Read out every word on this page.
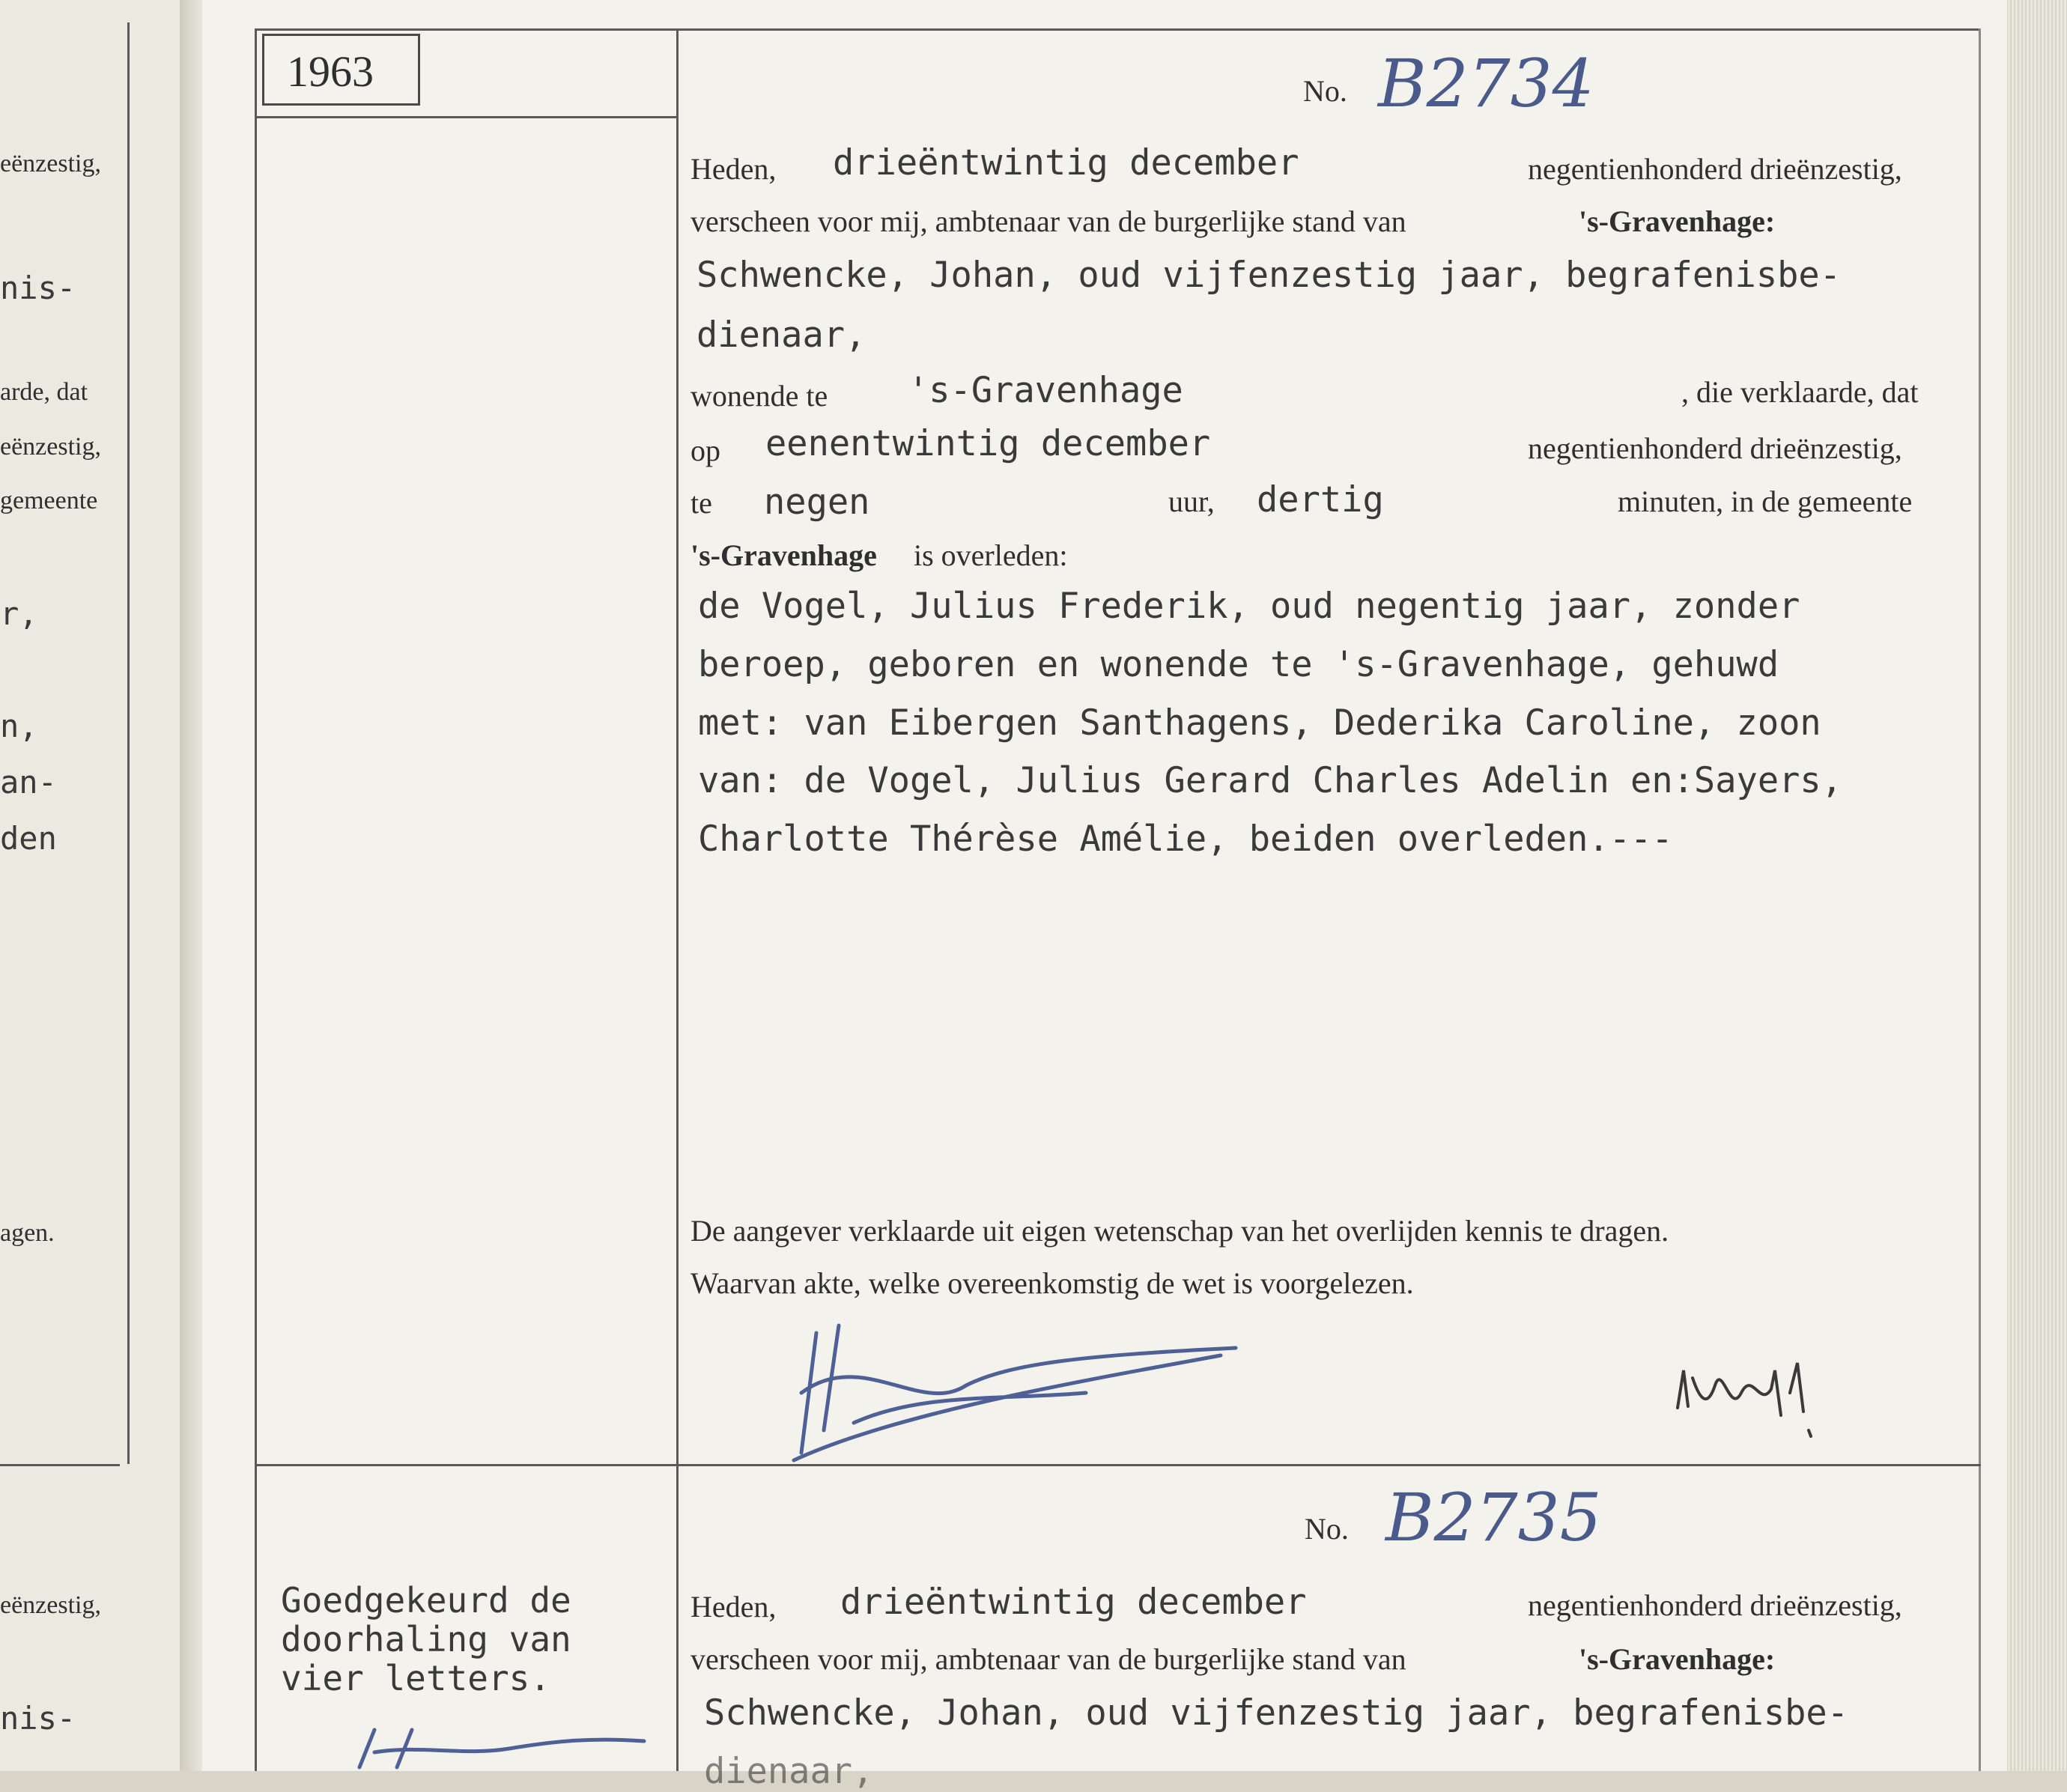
eënzestig,
nis-
arde, dat
eënzestig,
gemeente
r,
n,
an-
den
agen.
eënzestig,
nis-
1963	No. B2734
Heden, drieëntwintig december	negentienhonderd drieënzestig,
verscheen voor mij, ambtenaar van de burgerlijke stand van	's-Gravenhage:
Schwencke, Johan, oud vijfenzestig jaar, begrafenisbe-
dienaar,
wonende te 's-Gravenhage	, die verklaarde, dat
op eenentwintig december	negentienhonderd drieënzestig,
te negen	uur, dertig	minuten, in de gemeente
's-Gravenhage is overleden:
de Vogel, Julius Frederik, oud negentig jaar, zonder
beroep, geboren en wonende te 's-Gravenhage, gehuwd
met: van Eibergen Santhagens, Dederika Caroline, zoon
van: de Vogel, Julius Gerard Charles Adelin en:Sayers,
Charlotte Thérèse Amélie, beiden overleden.---
De aangever verklaarde uit eigen wetenschap van het overlijden kennis te dragen.
Waarvan akte, welke overeenkomstig de wet is voorgelezen.
No. B2735
Heden, drieëntwintig december	negentienhonderd drieënzestig,
verscheen voor mij, ambtenaar van de burgerlijke stand van	's-Gravenhage:
Schwencke, Johan, oud vijfenzestig jaar, begrafenisbe-
dienaar,
Goedgekeurd de
doorhaling van
vier letters.
